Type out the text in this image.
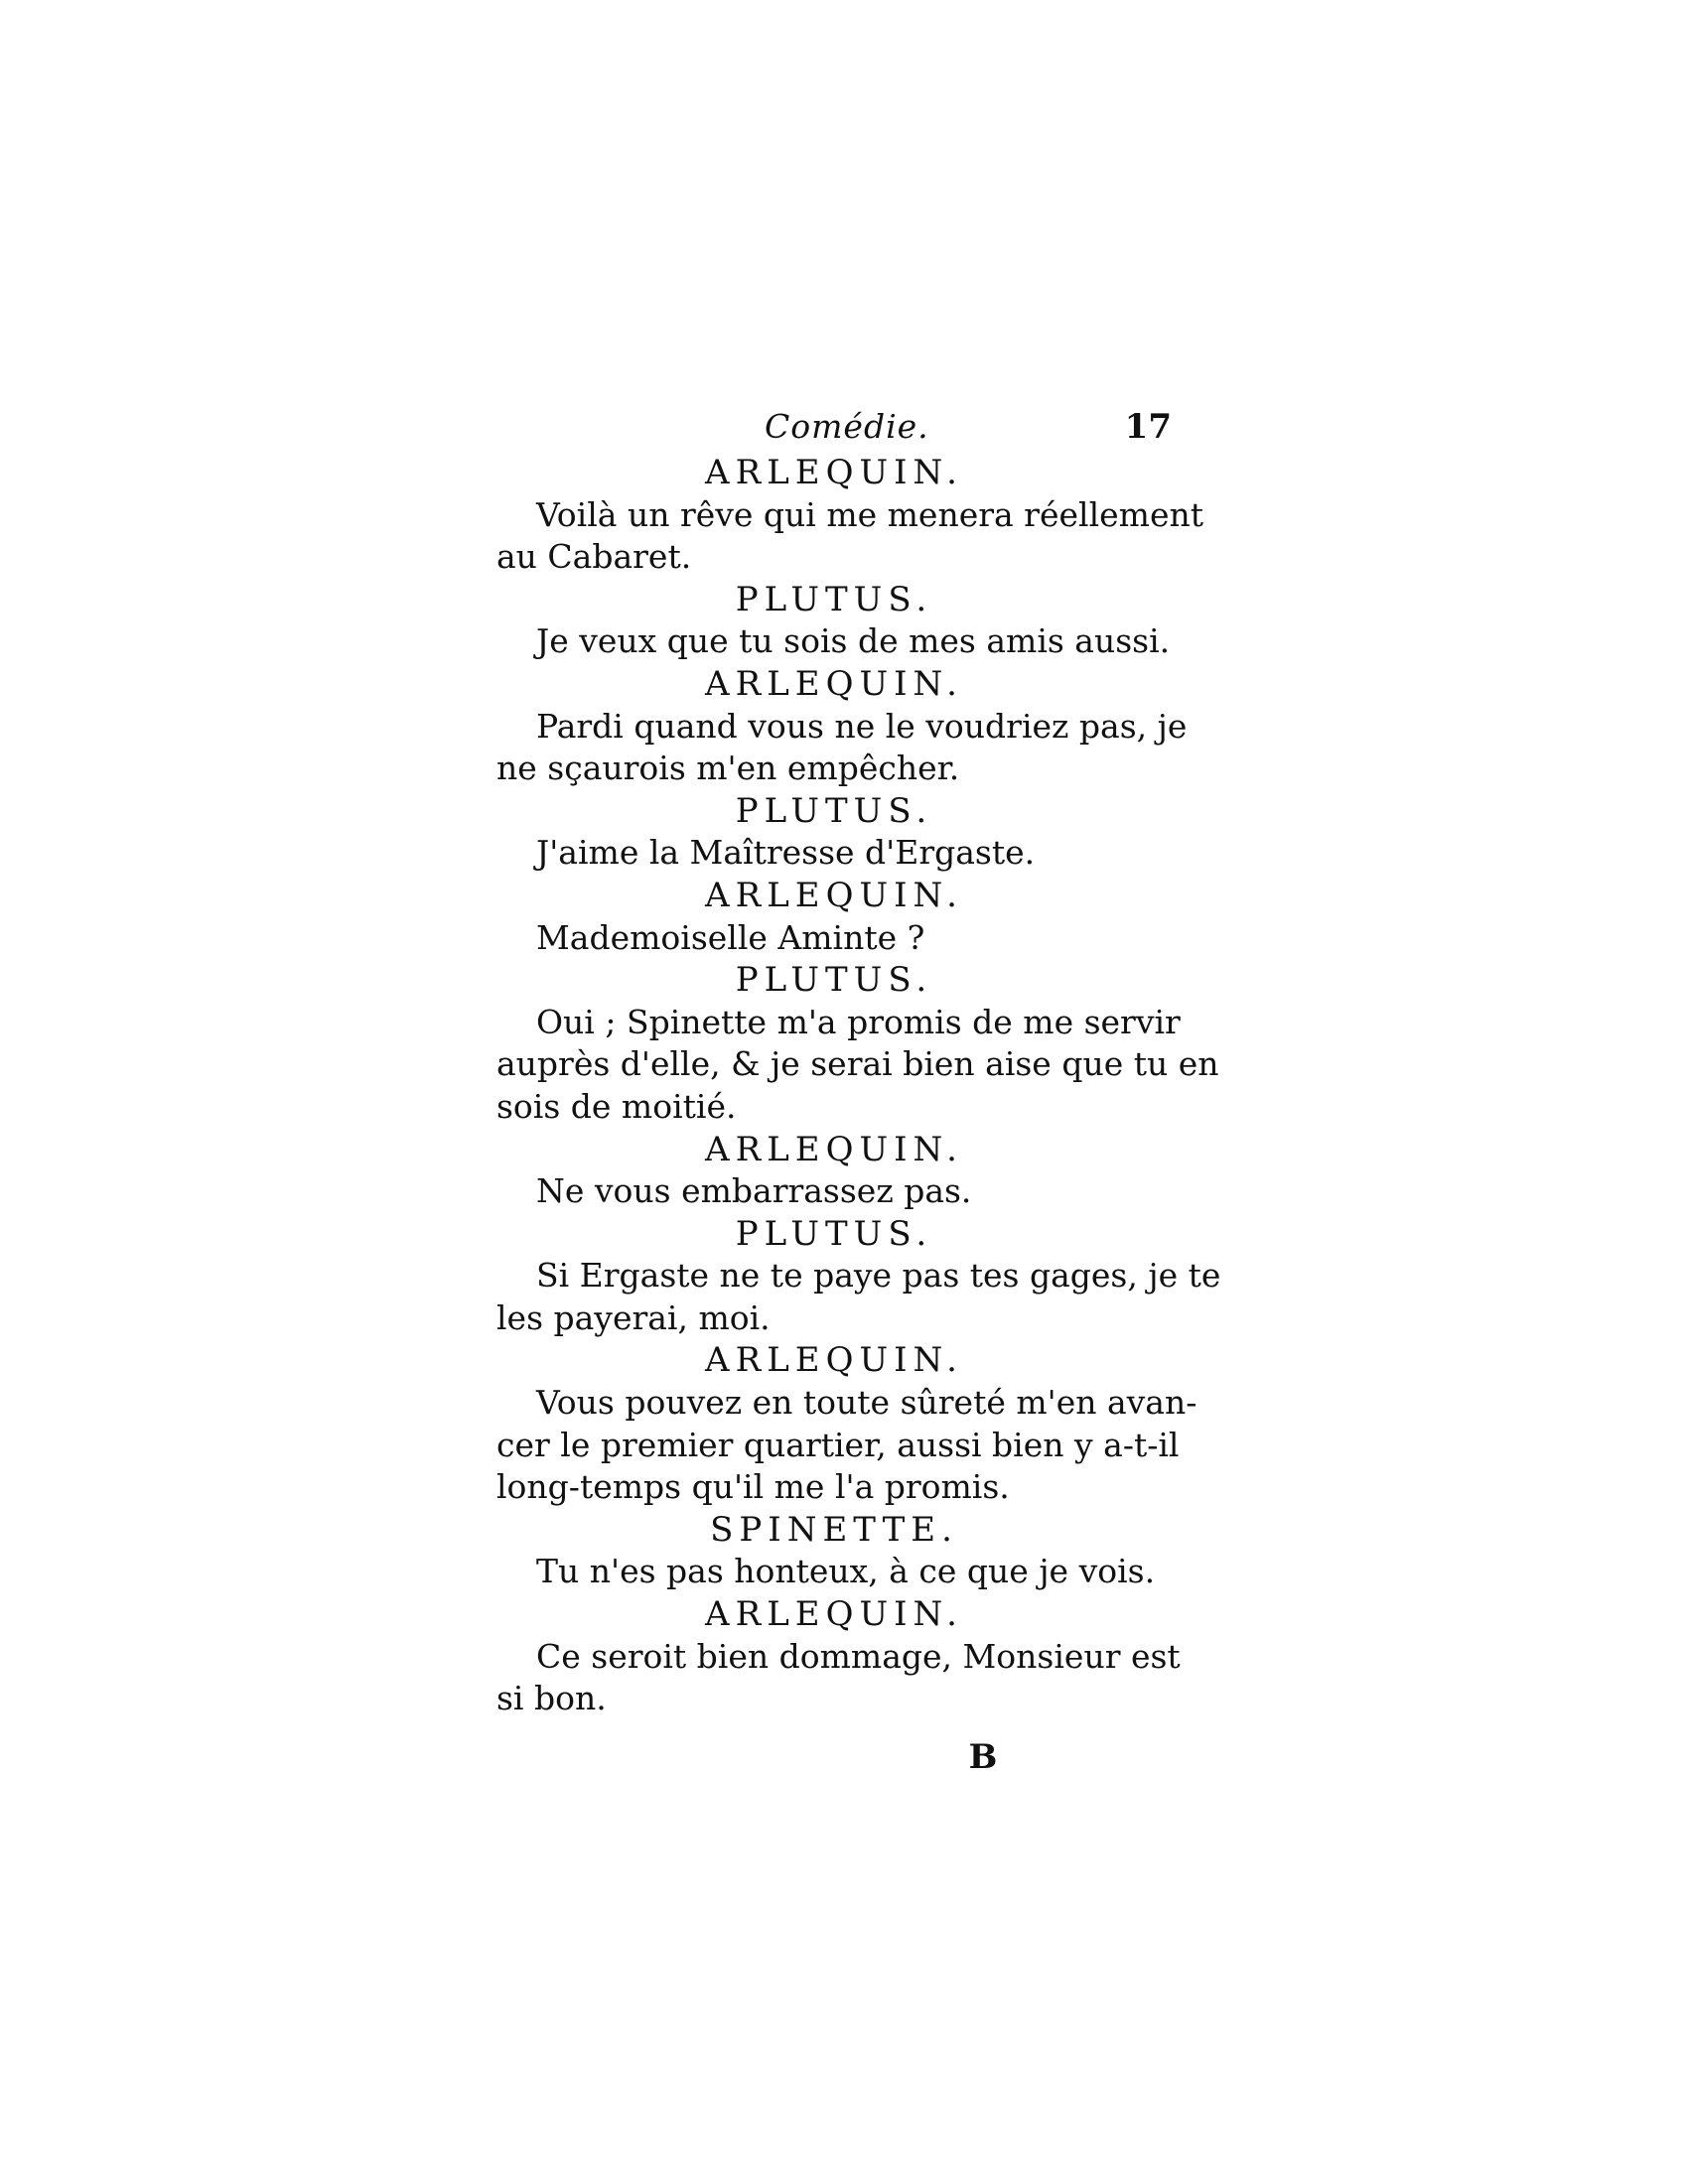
Comédie.	17
ARLEQUIN.
Voilà un rêve qui me menera réellement
au Cabaret.
PLUTUS.
Je veux que tu sois de mes amis aussi.
ARLEQUIN.
Pardi quand vous ne le voudriez pas, je
ne sçaurois m'en empêcher.
PLUTUS.
J'aime la Maîtresse d'Ergaste.
ARLEQUIN.
Mademoiselle Aminte ?
PLUTUS.
Oui ; Spinette m'a promis de me servir
auprès d'elle, & je serai bien aise que tu en
sois de moitié.
ARLEQUIN.
Ne vous embarrassez pas.
PLUTUS.
Si Ergaste ne te paye pas tes gages, je te
les payerai, moi.
ARLEQUIN.
Vous pouvez en toute sûreté m'en avan-
cer le premier quartier, aussi bien y a-t-il
long-temps qu'il me l'a promis.
SPINETTE.
Tu n'es pas honteux, à ce que je vois.
ARLEQUIN.
Ce seroit bien dommage, Monsieur est
si bon.
B
